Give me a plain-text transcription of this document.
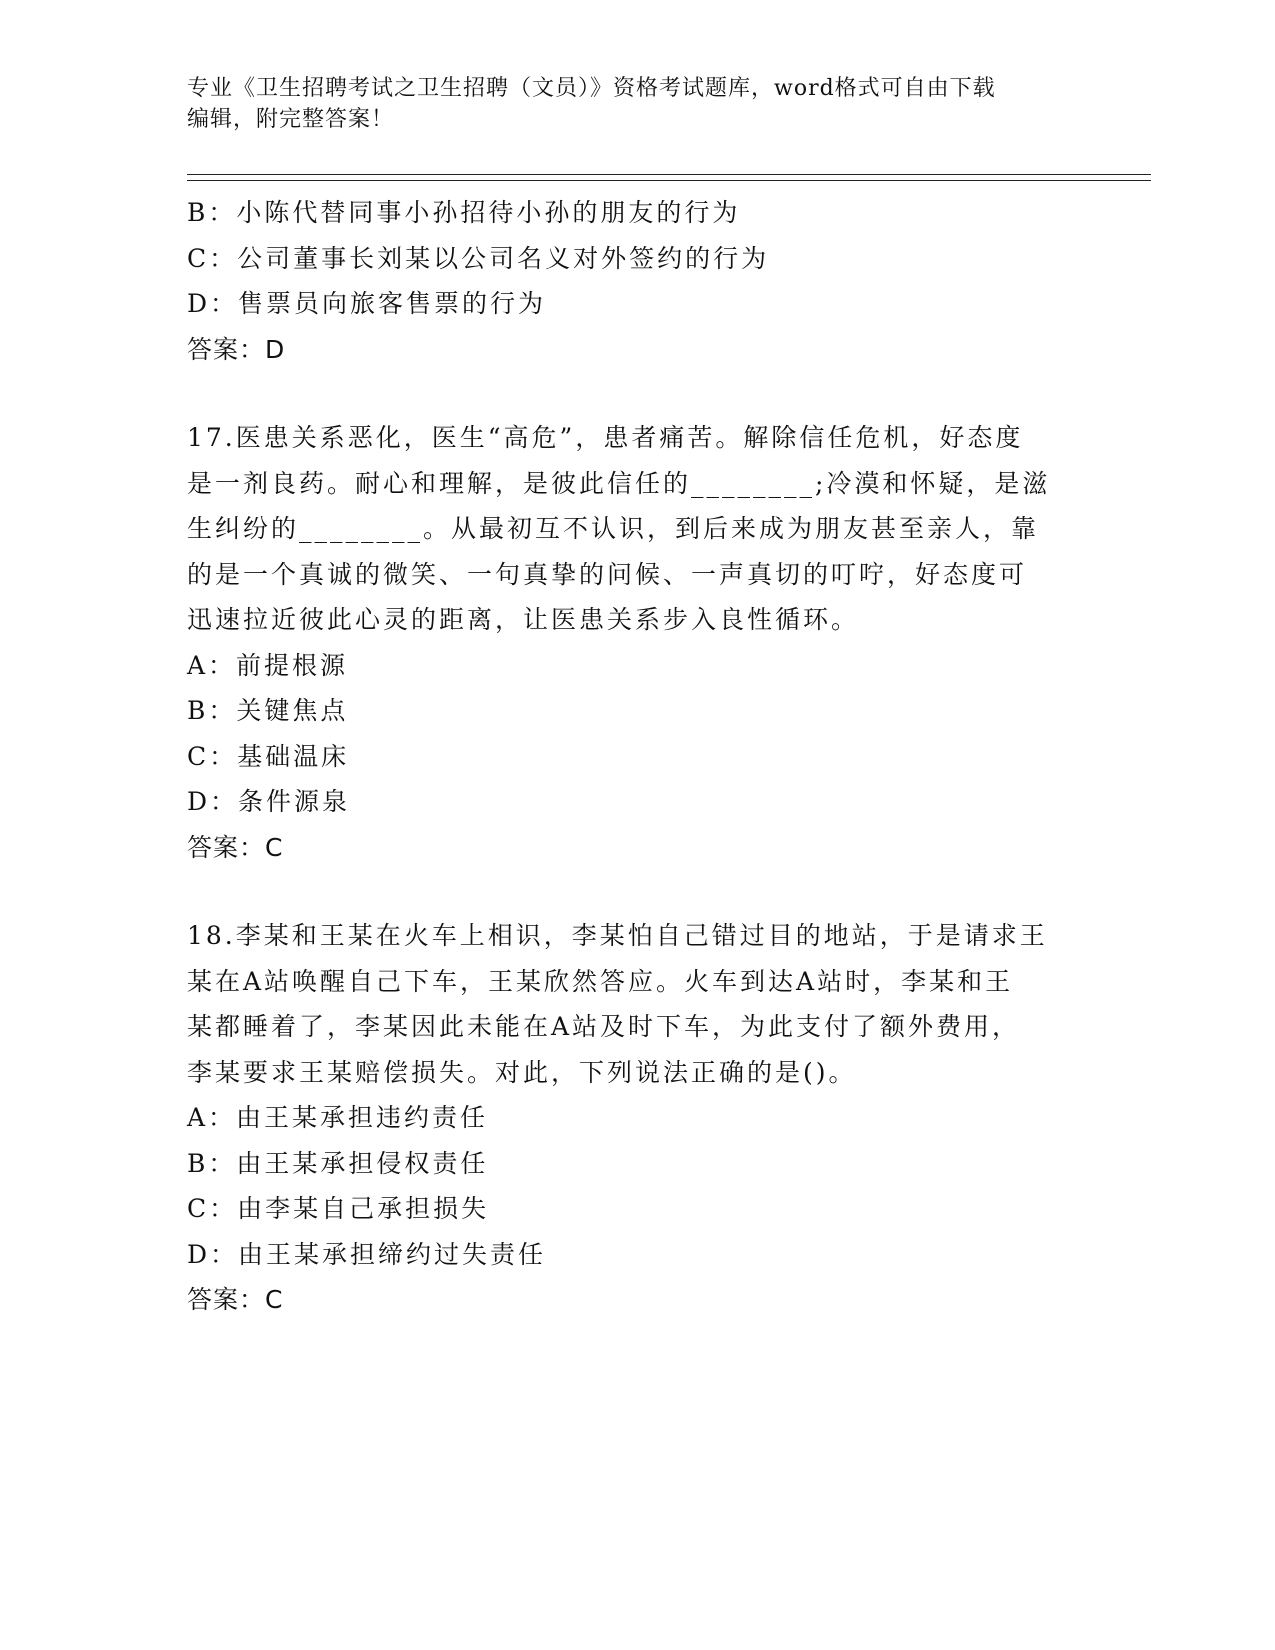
专业《卫生招聘考试之卫生招聘（文员）》资格考试题库，word格式可自由下载
编辑，附完整答案！
B：小陈代替同事小孙招待小孙的朋友的行为
C：公司董事长刘某以公司名义对外签约的行为
D：售票员向旅客售票的行为
答案：D
17.医患关系恶化，医生“高危”，患者痛苦。解除信任危机，好态度
是一剂良药。耐心和理解，是彼此信任的________;冷漠和怀疑，是滋
生纠纷的________。从最初互不认识，到后来成为朋友甚至亲人，靠
的是一个真诚的微笑、一句真挚的问候、一声真切的叮咛，好态度可
迅速拉近彼此心灵的距离，让医患关系步入良性循环。
A：前提根源
B：关键焦点
C：基础温床
D：条件源泉
答案：C
18.李某和王某在火车上相识，李某怕自己错过目的地站，于是请求王
某在A站唤醒自己下车，王某欣然答应。火车到达A站时，李某和王
某都睡着了，李某因此未能在A站及时下车，为此支付了额外费用，
李某要求王某赔偿损失。对此，下列说法正确的是()。
A：由王某承担违约责任
B：由王某承担侵权责任
C：由李某自己承担损失
D：由王某承担缔约过失责任
答案：C
